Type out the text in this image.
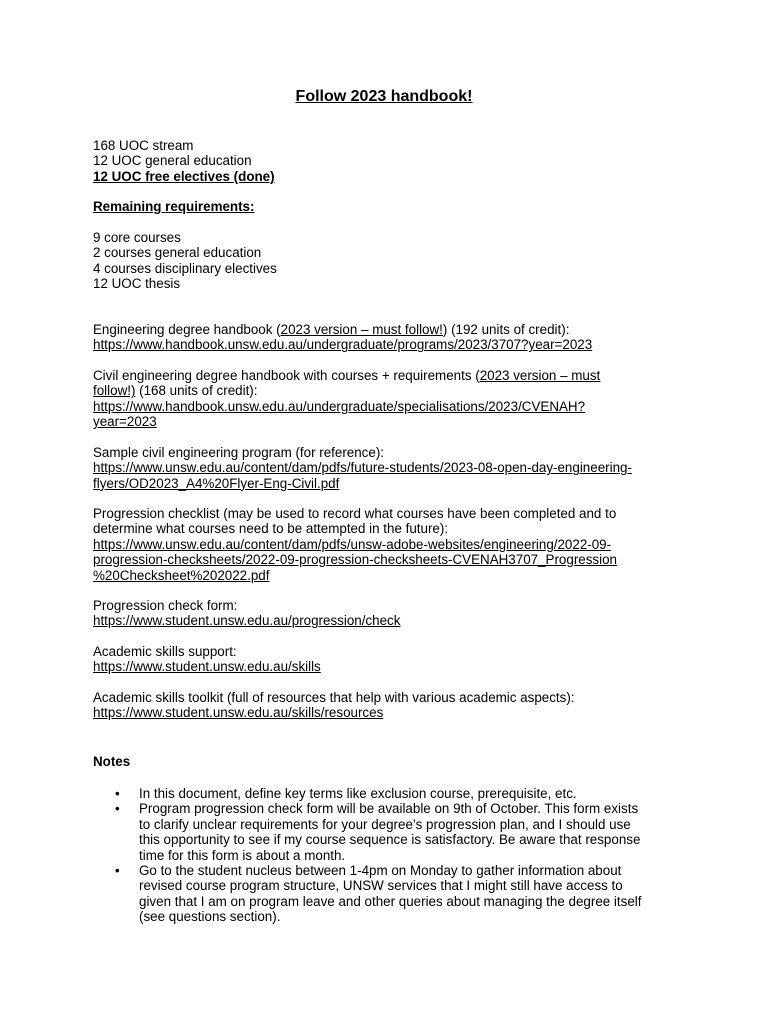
Follow 2023 handbook!
168 UOC stream
12 UOC general education
12 UOC free electives (done)
Remaining requirements:
9 core courses
2 courses general education
4 courses disciplinary electives
12 UOC thesis
Engineering degree handbook (2023 version – must follow!) (192 units of credit):
https://www.handbook.unsw.edu.au/undergraduate/programs/2023/3707?year=2023
Civil engineering degree handbook with courses + requirements (2023 version – must
follow!) (168 units of credit):
https://www.handbook.unsw.edu.au/undergraduate/specialisations/2023/CVENAH?
year=2023
Sample civil engineering program (for reference):
https://www.unsw.edu.au/content/dam/pdfs/future-students/2023-08-open-day-engineering-
flyers/OD2023_A4%20Flyer-Eng-Civil.pdf
Progression checklist (may be used to record what courses have been completed and to
determine what courses need to be attempted in the future):
https://www.unsw.edu.au/content/dam/pdfs/unsw-adobe-websites/engineering/2022-09-
progression-checksheets/2022-09-progression-checksheets-CVENAH3707_Progression
%20Checksheet%202022.pdf
Progression check form:
https://www.student.unsw.edu.au/progression/check
Academic skills support:
https://www.student.unsw.edu.au/skills
Academic skills toolkit (full of resources that help with various academic aspects):
https://www.student.unsw.edu.au/skills/resources
Notes
• In this document, define key terms like exclusion course, prerequisite, etc.
• Program progression check form will be available on 9th of October. This form exists
to clarify unclear requirements for your degree’s progression plan, and I should use
this opportunity to see if my course sequence is satisfactory. Be aware that response
time for this form is about a month.
• Go to the student nucleus between 1-4pm on Monday to gather information about
revised course program structure, UNSW services that I might still have access to
given that I am on program leave and other queries about managing the degree itself
(see questions section).
